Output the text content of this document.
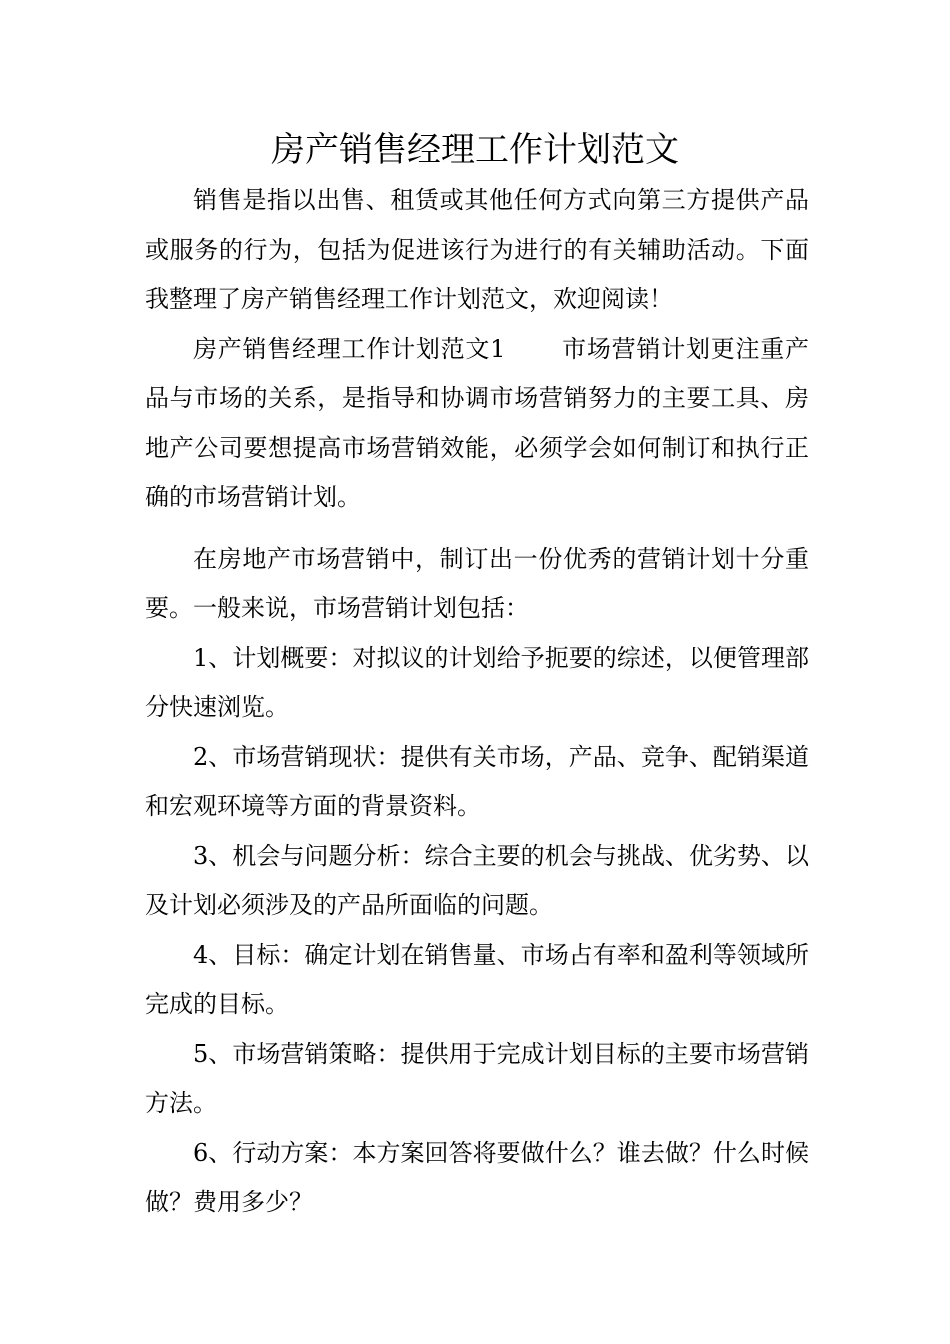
房产销售经理工作计划范文

销售是指以出售、租赁或其他任何方式向第三方提供产品或服务的行为，包括为促进该行为进行的有关辅助活动。下面我整理了房产销售经理工作计划范文，欢迎阅读！

房产销售经理工作计划范文1 市场营销计划更注重产品与市场的关系，是指导和协调市场营销努力的主要工具、房地产公司要想提高市场营销效能，必须学会如何制订和执行正确的市场营销计划。

在房地产市场营销中，制订出一份优秀的营销计划十分重要。一般来说，市场营销计划包括：

1、计划概要：对拟议的计划给予扼要的综述，以便管理部分快速浏览。

2、市场营销现状：提供有关市场，产品、竞争、配销渠道和宏观环境等方面的背景资料。

3、机会与问题分析：综合主要的机会与挑战、优劣势、以及计划必须涉及的产品所面临的问题。

4、目标：确定计划在销售量、市场占有率和盈利等领域所完成的目标。

5、市场营销策略：提供用于完成计划目标的主要市场营销方法。

6、行动方案：本方案回答将要做什么？谁去做？什么时候做？费用多少？
